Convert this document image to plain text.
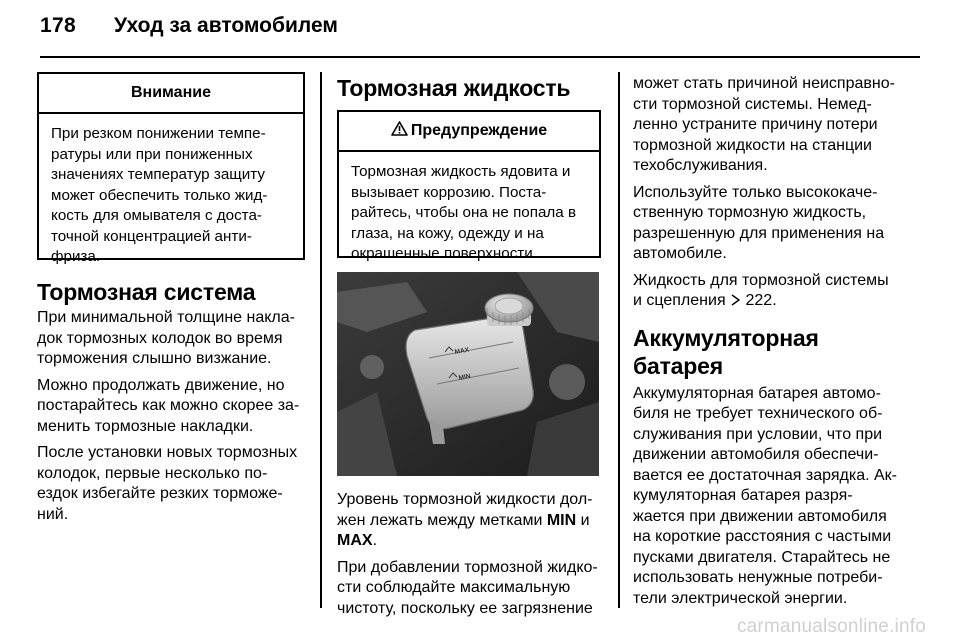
178 Уход за автомобилем
Внимание
При резком понижении темпе-ратуры или при пониженных значениях температур защиту может обеспечить только жид-кость для омывателя с доста-точной концентрацией анти-фриза.
Тормозная система
При минимальной толщине накла-док тормозных колодок во время торможения слышно визжание.
Можно продолжать движение, но постарайтесь как можно скорее за-менить тормозные накладки.
После установки новых тормозных колодок, первые несколько по-ездок избегайте резких торможе-ний.
Тормозная жидкость
Предупреждение
Тормозная жидкость ядовита и вызывает коррозию. Поста-райтесь, чтобы она не попала в глаза, на кожу, одежду и на окрашенные поверхности.
MAX
MIN
Уровень тормозной жидкости дол-жен лежать между метками MIN и MAX.
При добавлении тормозной жидко-сти соблюдайте максимальную чистоту, поскольку ее загрязнение
может стать причиной неисправно-сти тормозной системы. Немед-ленно устраните причину потери тормозной жидкости на станции техобслуживания.
Используйте только высококаче-ственную тормозную жидкость, разрешенную для применения на автомобиле.
Жидкость для тормозной системы и сцепления  222.
Аккумуляторная батарея
Аккумуляторная батарея автомо-биля не требует технического об-служивания при условии, что при движении автомобиля обеспечи-вается ее достаточная зарядка. Ак-кумуляторная батарея разря-жается при движении автомобиля на короткие расстояния с частыми пусками двигателя. Старайтесь не использовать ненужные потреби-тели электрической энергии.
carmanualsonline.info
